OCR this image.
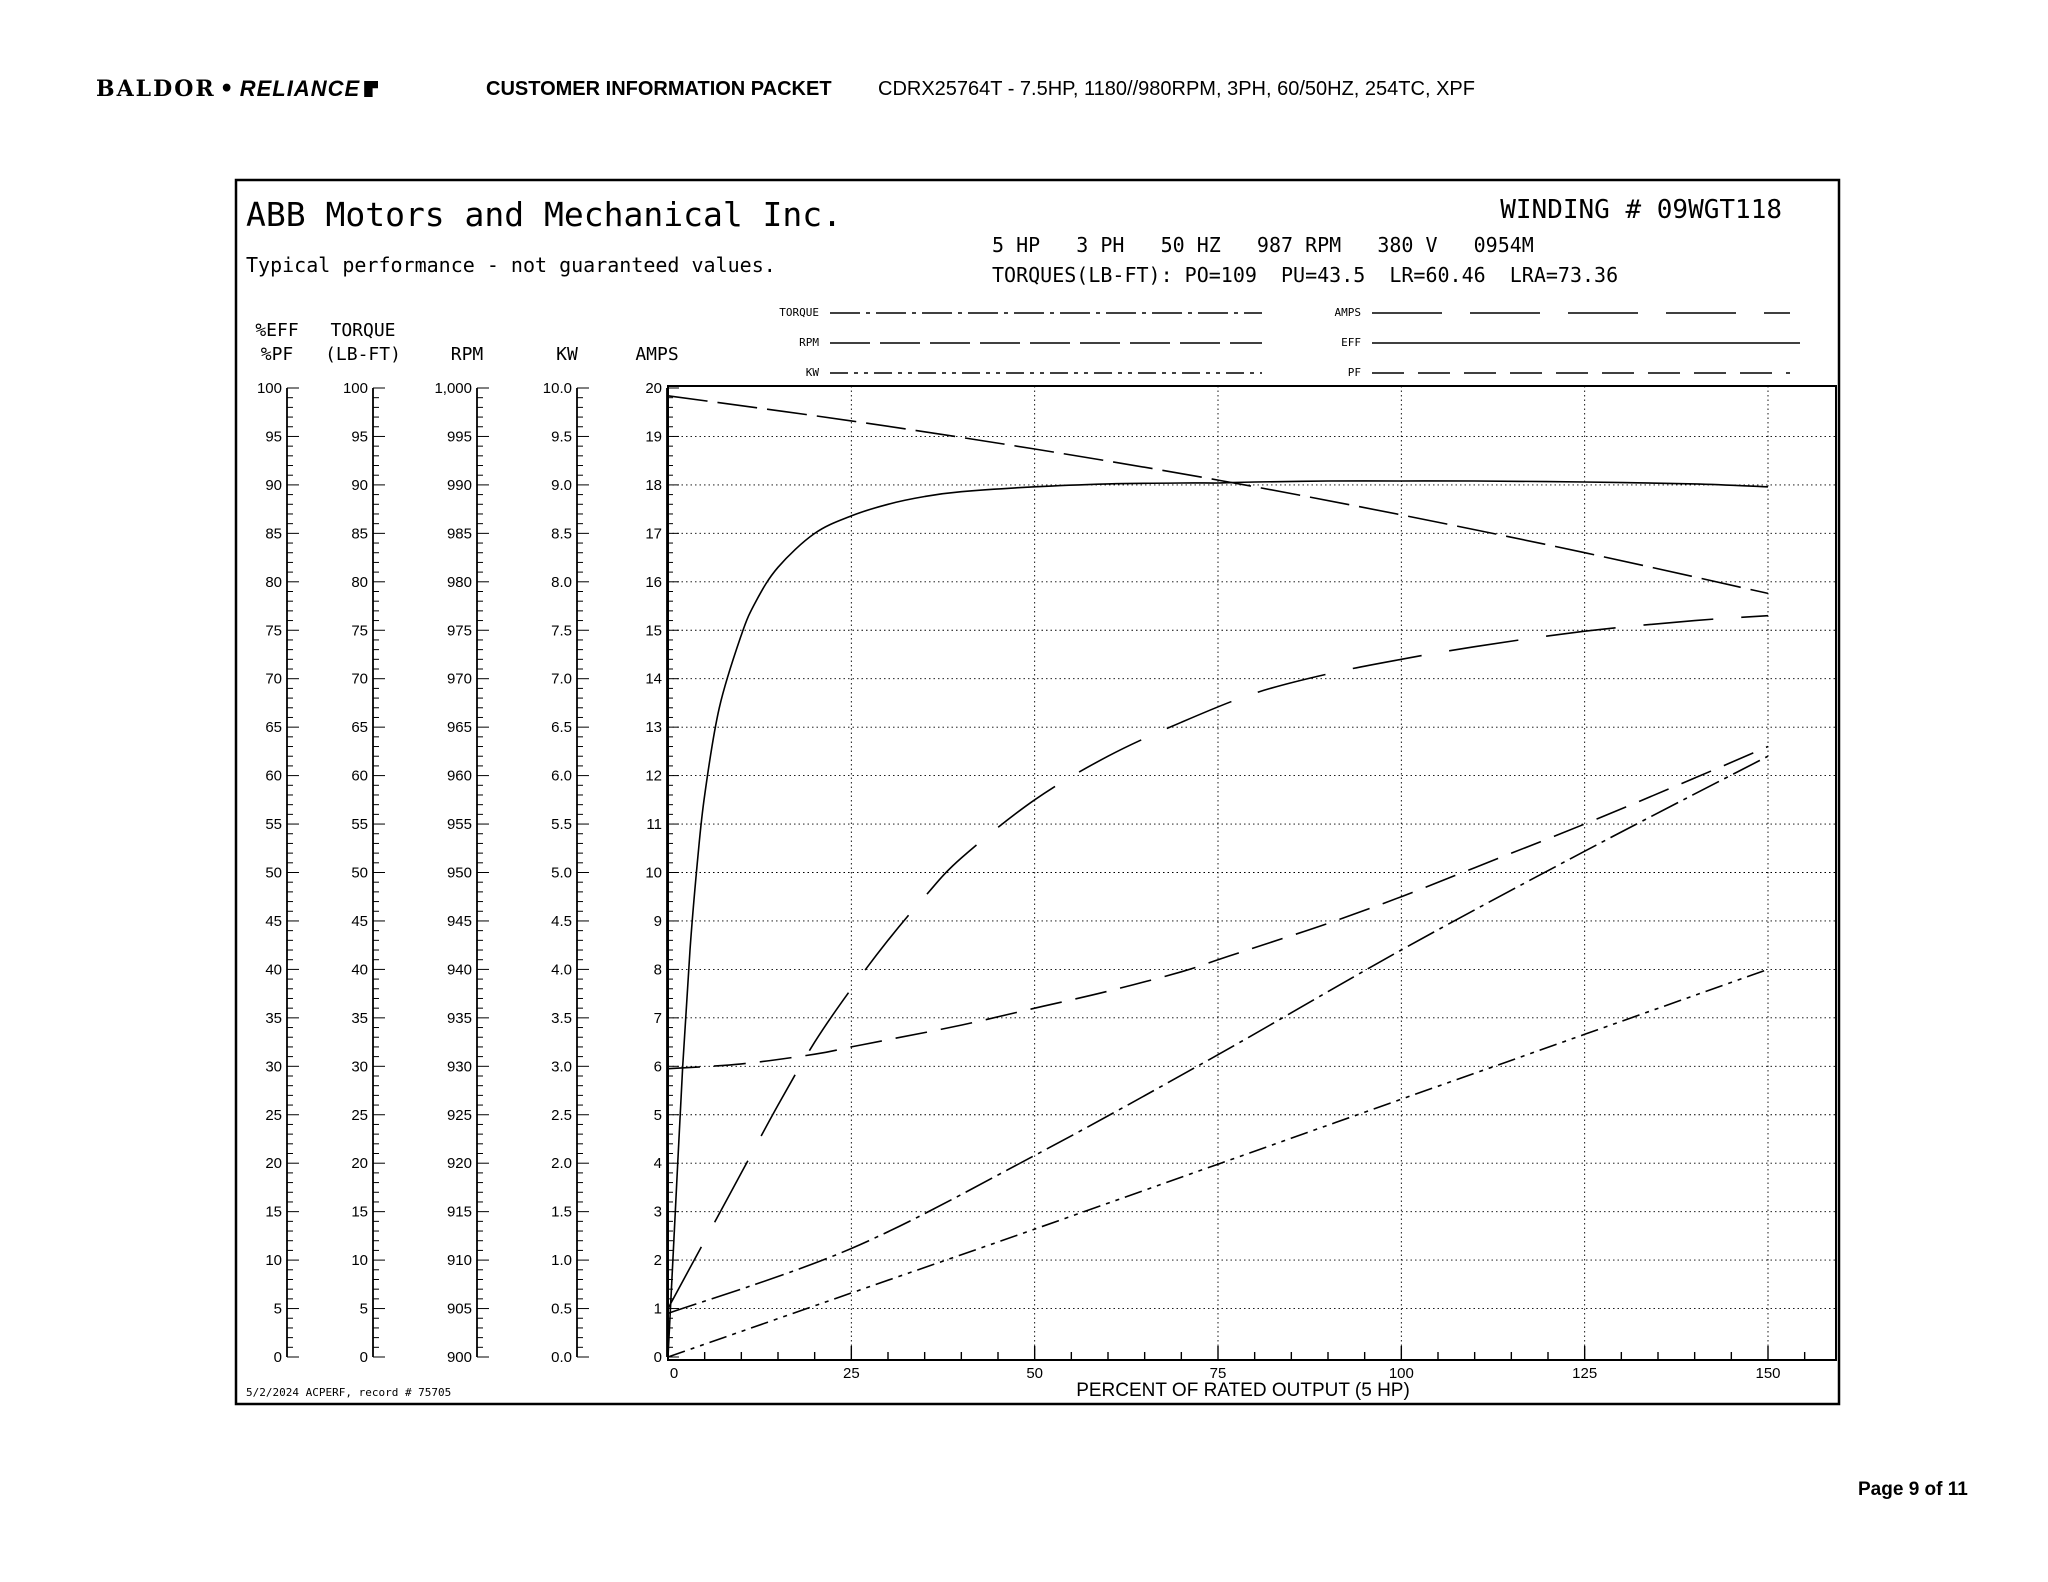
BALDOR • RELIANCE	CUSTOMER INFORMATION PACKET CDRX25764T - 7.5HP, 1180//980RPM, 3PH, 60/50HZ, 254TC, XPF
ABB Motors and Mechanical Inc.
Typical performance - not guaranteed values.
WINDING # 09WGT118
5 HP   3 PH   50 HZ   987 RPM   380 V   0954M
TORQUES(LB-FT): PO=109  PU=43.5  LR=60.46  LRA=73.36
5/2/2024 ACPERF, record # 75705	PERCENT OF RATED OUTPUT (5 HP)
TORQUE
RPM
KW
AMPS
EFF
PF
0
5
10
15
20
25
30
35
40
45
50
55
60
65
70
75
80
85
90
95
100
%EFF
%PF
0
5
10
15
20
25
30
35
40
45
50
55
60
65
70
75
80
85
90
95
100
TORQUE
(LB-FT)
900
905
910
915
920
925
930
935
940
945
950
955
960
965
970
975
980
985
990
995
1,000
RPM
0.0
0.5
1.0
1.5
2.0
2.5
3.0
3.5
4.0
4.5
5.0
5.5
6.0
6.5
7.0
7.5
8.0
8.5
9.0
9.5
10.0
KW
0
1
2
3
4
5
6
7
8
9
10
11
12
13
14
15
16
17
18
19
20
AMPS
0	25	50	75	100	125	150
Page 9 of 11
